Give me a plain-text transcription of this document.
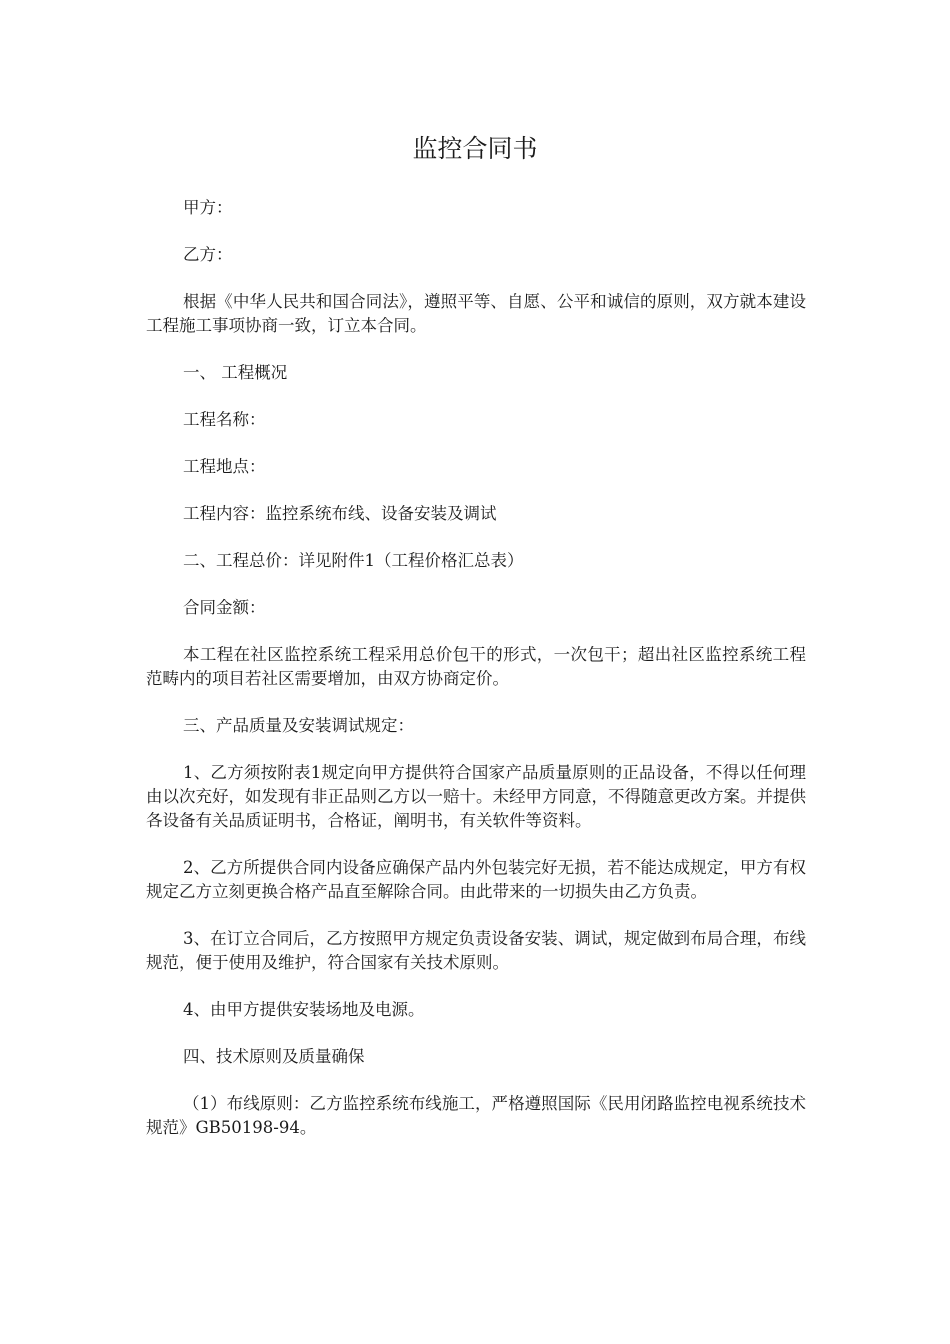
监控合同书

甲方：

乙方：

根据《中华人民共和国合同法》，遵照平等、自愿、公平和诚信的原则，双方就本建设工程施工事项协商一致，订立本合同。

一、 工程概况

工程名称：

工程地点：

工程内容：监控系统布线、设备安装及调试

二、工程总价：详见附件1（工程价格汇总表）

合同金额：

本工程在社区监控系统工程采用总价包干的形式，一次包干；超出社区监控系统工程范畴内的项目若社区需要增加，由双方协商定价。

三、产品质量及安装调试规定：

1、乙方须按附表1规定向甲方提供符合国家产品质量原则的正品设备，不得以任何理由以次充好，如发现有非正品则乙方以一赔十。未经甲方同意，不得随意更改方案。并提供各设备有关品质证明书，合格证，阐明书，有关软件等资料。

2、乙方所提供合同内设备应确保产品内外包装完好无损，若不能达成规定，甲方有权规定乙方立刻更换合格产品直至解除合同。由此带来的一切损失由乙方负责。

3、在订立合同后，乙方按照甲方规定负责设备安装、调试，规定做到布局合理，布线规范，便于使用及维护，符合国家有关技术原则。

4、由甲方提供安装场地及电源。

四、技术原则及质量确保

（1）布线原则：乙方监控系统布线施工，严格遵照国际《民用闭路监控电视系统技术规范》GB50198-94。
